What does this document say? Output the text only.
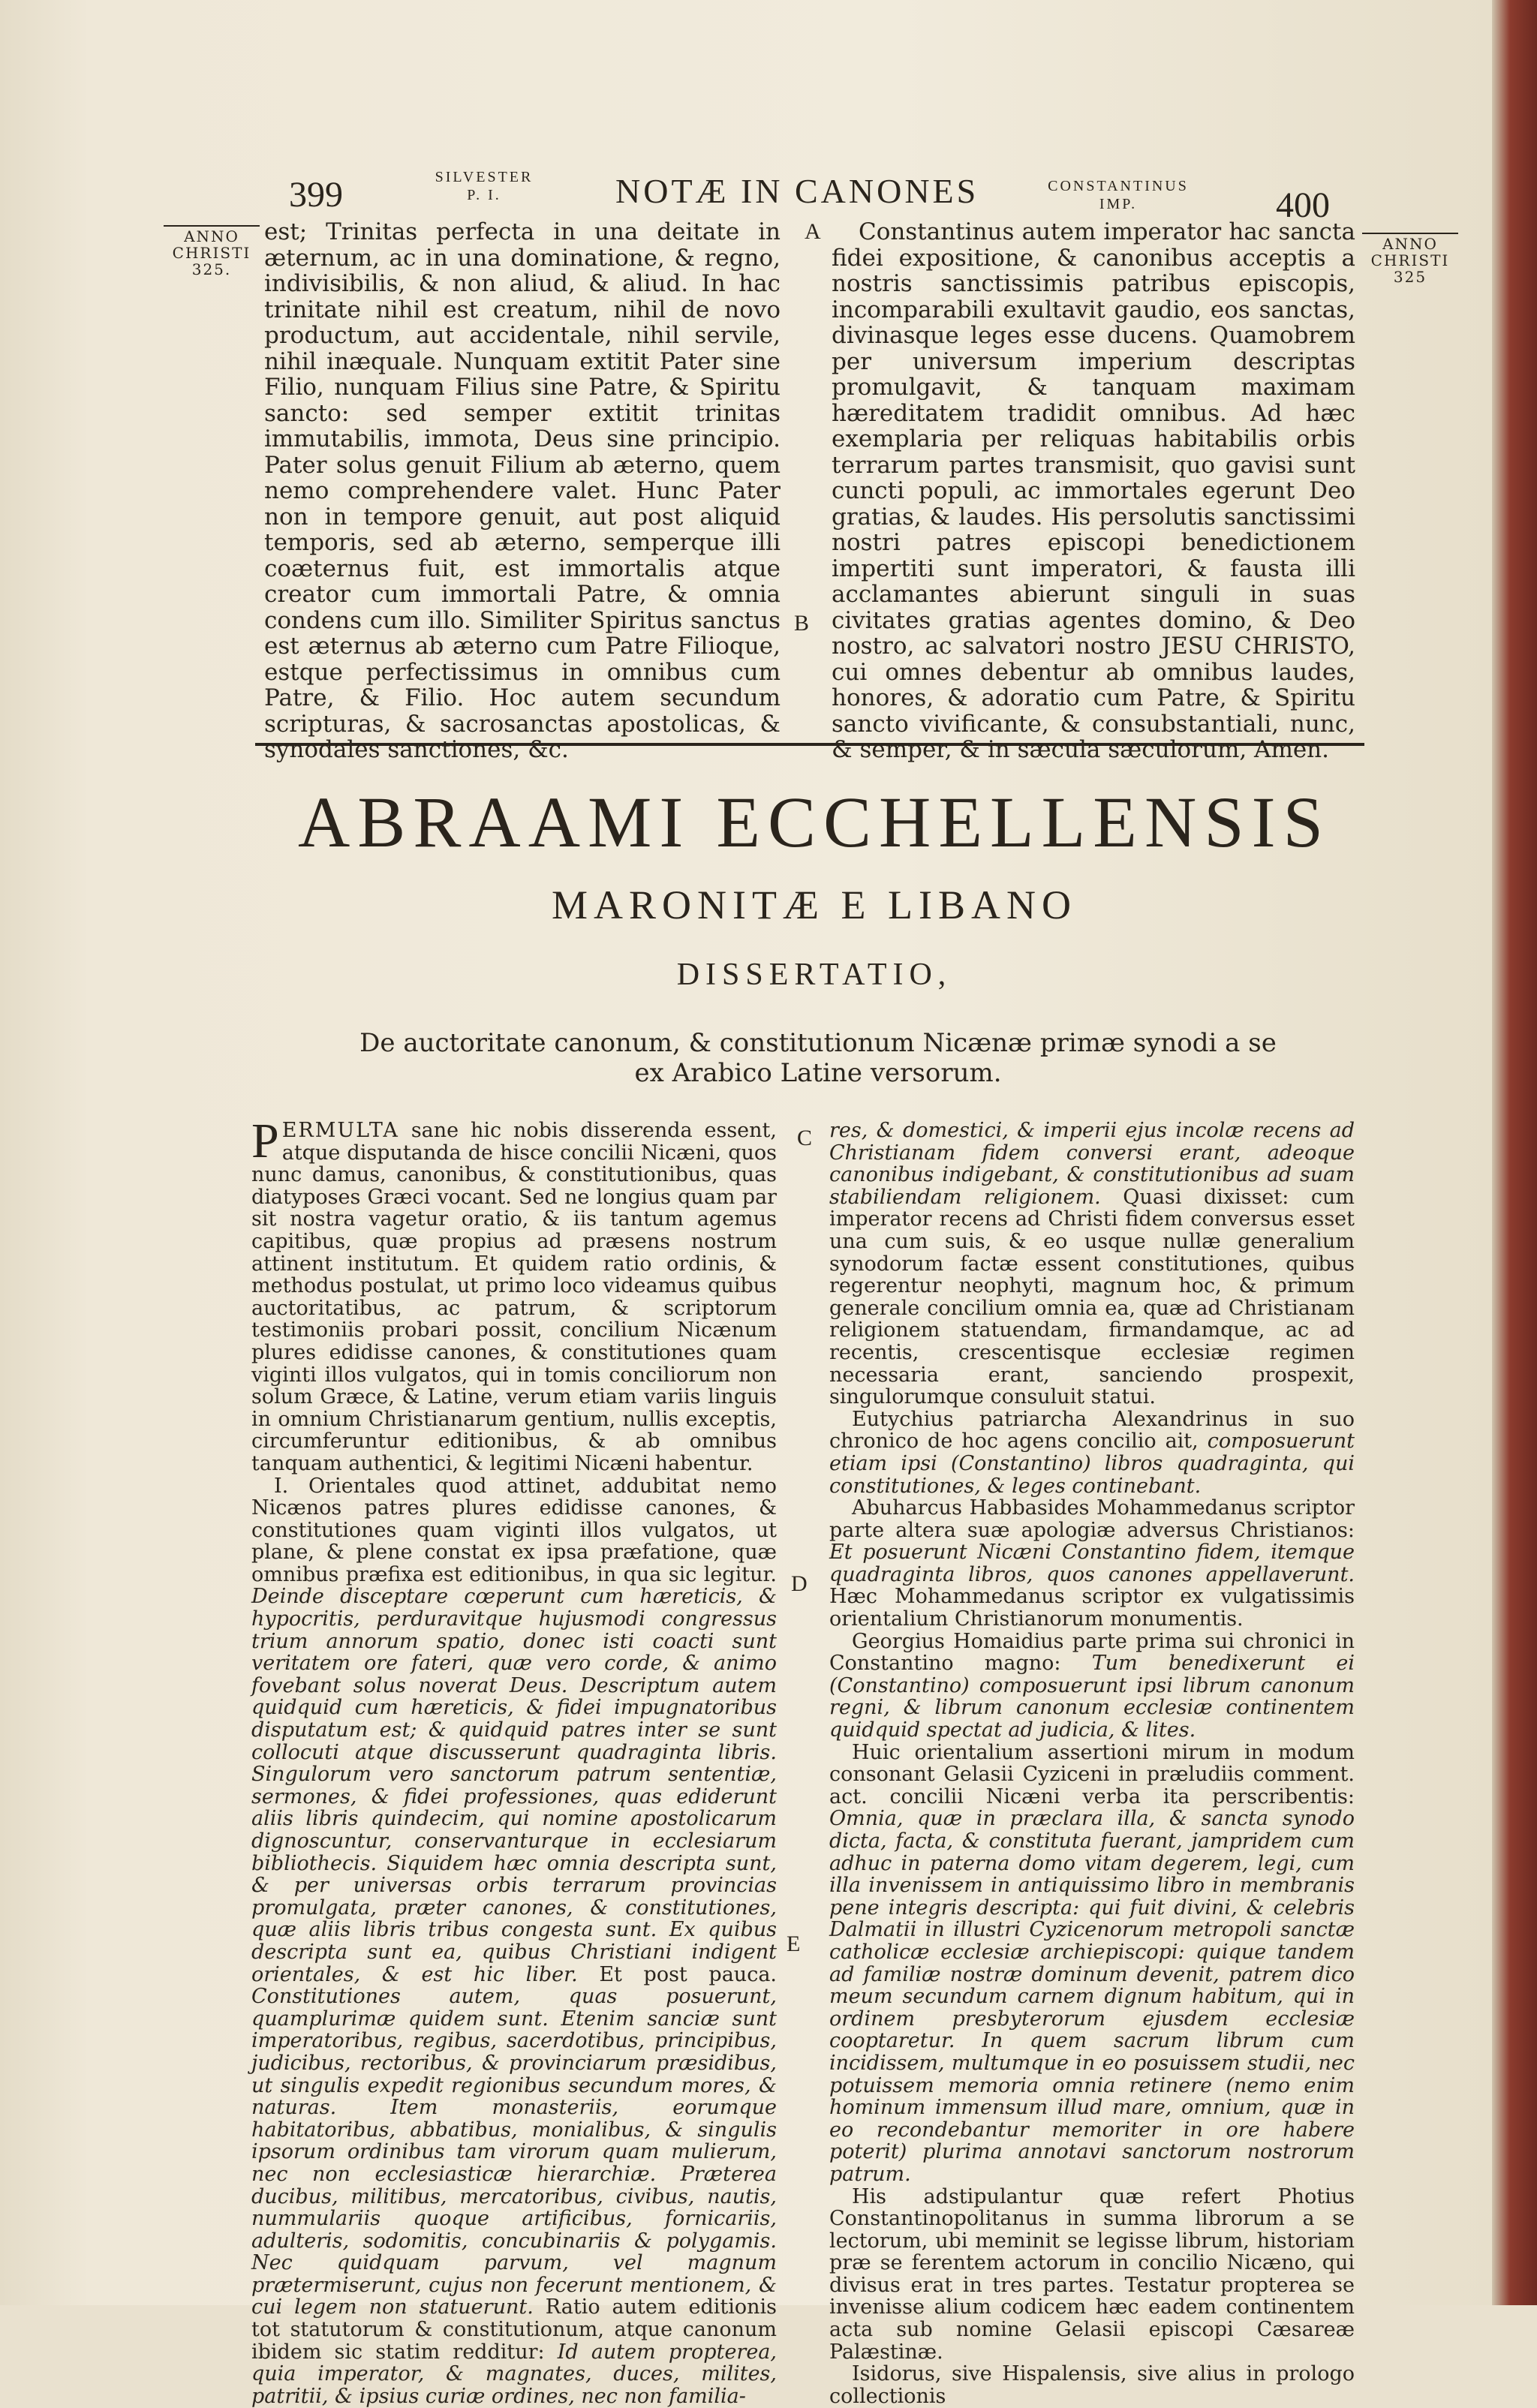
399	SILVESTER
P. I.	NOTÆ IN CANONES	CONSTANTINUS
IMP.	400
ANNO
CHRISTI
325.
ANNO
CHRISTI
325
A
B
C
D
E

est; Trinitas perfecta in una deitate in æternum, ac in una dominatione, & regno, indivisibilis, & non aliud, & aliud. In hac trinitate nihil est creatum, nihil de novo productum, aut accidentale, nihil servile, nihil inæquale. Nunquam extitit Pater sine Filio, nunquam Filius sine Patre, & Spiritu sancto: sed semper extitit trinitas immutabilis, immota, Deus sine principio. Pater solus genuit Filium ab æterno, quem nemo comprehendere valet. Hunc Pater non in tempore genuit, aut post aliquid temporis, sed ab æterno, semperque illi coæternus fuit, est immortalis atque creator cum immortali Patre, & omnia condens cum illo. Similiter Spiritus sanctus est æternus ab æterno cum Patre Filioque, estque perfectissimus in omnibus cum Patre, & Filio. Hoc autem secundum scripturas, & sacrosanctas apostolicas, & synodales sanctiones, &c.

Constantinus autem imperator hac sancta fidei expositione, & canonibus acceptis a nostris sanctissimis patribus episcopis, incomparabili exultavit gaudio, eos sanctas, divinasque leges esse ducens. Quamobrem per universum imperium descriptas promulgavit, & tanquam maximam hæreditatem tradidit omnibus. Ad hæc exemplaria per reliquas habitabilis orbis terrarum partes transmisit, quo gavisi sunt cuncti populi, ac immortales egerunt Deo gratias, & laudes. His persolutis sanctissimi nostri patres episcopi benedictionem impertiti sunt imperatori, & fausta illi acclamantes abierunt singuli in suas civitates gratias agentes domino, & Deo nostro, ac salvatori nostro JESU CHRISTO, cui omnes debentur ab omnibus laudes, honores, & adoratio cum Patre, & Spiritu sancto vivificante, & consubstantiali, nunc, & semper, & in sæcula sæculorum, Amen.

ABRAAMI ECCHELLENSIS
MARONITÆ E LIBANO
DISSERTATIO,
De auctoritate canonum, & constitutionum Nicænæ primæ synodi a se
ex Arabico Latine versorum.

PERMULTA sane hic nobis disserenda essent, atque disputanda de hisce concilii Nicæni, quos nunc damus, canonibus, & constitutionibus, quas diatyposes Græci vocant. Sed ne longius quam par sit nostra vagetur oratio, & iis tantum agemus capitibus, quæ propius ad præsens nostrum attinent institutum. Et quidem ratio ordinis, & methodus postulat, ut primo loco videamus quibus auctoritatibus, ac patrum, & scriptorum testimoniis probari possit, concilium Nicænum plures edidisse canones, & constitutiones quam viginti illos vulgatos, qui in tomis conciliorum non solum Græce, & Latine, verum etiam variis linguis in omnium Christianarum gentium, nullis exceptis, circumferuntur editionibus, & ab omnibus tanquam authentici, & legitimi Nicæni habentur.

I. Orientales quod attinet, addubitat nemo Nicænos patres plures edidisse canones, & constitutiones quam viginti illos vulgatos, ut plane, & plene constat ex ipsa præfatione, quæ omnibus præfixa est editionibus, in qua sic legitur. Deinde disceptare cœperunt cum hæreticis, & hypocritis, perduravitque hujusmodi congressus trium annorum spatio, donec isti coacti sunt veritatem ore fateri, quæ vero corde, & animo fovebant solus noverat Deus. Descriptum autem quidquid cum hæreticis, & fidei impugnatoribus disputatum est; & quidquid patres inter se sunt collocuti atque discusserunt quadraginta libris. Singulorum vero sanctorum patrum sententiæ, sermones, & fidei professiones, quas ediderunt aliis libris quindecim, qui nomine apostolicarum dignoscuntur, conservanturque in ecclesiarum bibliothecis. Siquidem hæc omnia descripta sunt, & per universas orbis terrarum provincias promulgata, præter canones, & constitutiones, quæ aliis libris tribus congesta sunt. Ex quibus descripta sunt ea, quibus Christiani indigent orientales, & est hic liber. Et post pauca. Constitutiones autem, quas posuerunt, quamplurimæ quidem sunt. Etenim sanciæ sunt imperatoribus, regibus, sacerdotibus, principibus, judicibus, rectoribus, & provinciarum præsidibus, ut singulis expedit regionibus secundum mores, & naturas. Item monasteriis, eorumque habitatoribus, abbatibus, monialibus, & singulis ipsorum ordinibus tam virorum quam mulierum, nec non ecclesiasticæ hierarchiæ. Præterea ducibus, militibus, mercatoribus, civibus, nautis, nummulariis quoque artificibus, fornicariis, adulteris, sodomitis, concubinariis & polygamis. Nec quidquam parvum, vel magnum prætermiserunt, cujus non fecerunt mentionem, & cui legem non statuerunt. Ratio autem editionis tot statutorum & constitutionum, atque canonum ibidem sic statim redditur: Id autem propterea, quia imperator, & magnates, duces, milites, patritii, & ipsius curiæ ordines, nec non familia-

res, & domestici, & imperii ejus incolæ recens ad Christianam fidem conversi erant, adeoque canonibus indigebant, & constitutionibus ad suam stabiliendam religionem. Quasi dixisset: cum imperator recens ad Christi fidem conversus esset una cum suis, & eo usque nullæ generalium synodorum factæ essent constitutiones, quibus regerentur neophyti, magnum hoc, & primum generale concilium omnia ea, quæ ad Christianam religionem statuendam, firmandamque, ac ad recentis, crescentisque ecclesiæ regimen necessaria erant, sanciendo prospexit, singulorumque consuluit statui.

Eutychius patriarcha Alexandrinus in suo chronico de hoc agens concilio ait, composuerunt etiam ipsi (Constantino) libros quadraginta, qui constitutiones, & leges continebant.

Abuharcus Habbasides Mohammedanus scriptor parte altera suæ apologiæ adversus Christianos: Et posuerunt Nicæni Constantino fidem, itemque quadraginta libros, quos canones appellaverunt. Hæc Mohammedanus scriptor ex vulgatissimis orientalium Christianorum monumentis.

Georgius Homaidius parte prima sui chronici in Constantino magno: Tum benedixerunt ei (Constantino) composuerunt ipsi librum canonum regni, & librum canonum ecclesiæ continentem quidquid spectat ad judicia, & lites.

Huic orientalium assertioni mirum in modum consonant Gelasii Cyziceni in præludiis comment. act. concilii Nicæni verba ita perscribentis: Omnia, quæ in præclara illa, & sancta synodo dicta, facta, & constituta fuerant, jampridem cum adhuc in paterna domo vitam degerem, legi, cum illa invenissem in antiquissimo libro in membranis pene integris descripta: qui fuit divini, & celebris Dalmatii in illustri Cyzicenorum metropoli sanctæ catholicæ ecclesiæ archiepiscopi: quique tandem ad familiæ nostræ dominum devenit, patrem dico meum secundum carnem dignum habitum, qui in ordinem presbyterorum ejusdem ecclesiæ cooptaretur. In quem sacrum librum cum incidissem, multumque in eo posuissem studii, nec potuissem memoria omnia retinere (nemo enim hominum immensum illud mare, omnium, quæ in eo recondebantur memoriter in ore habere poterit) plurima annotavi sanctorum nostrorum patrum.

His adstipulantur quæ refert Photius Constantinopolitanus in summa librorum a se lectorum, ubi meminit se legisse librum, historiam præ se ferentem actorum in concilio Nicæno, qui divisus erat in tres partes. Testatur propterea se invenisse alium codicem hæc eadem continentem acta sub nomine Gelasii episcopi Cæsareæ Palæstinæ.

Isidorus, sive Hispalensis, sive alius in prologo collectionis
